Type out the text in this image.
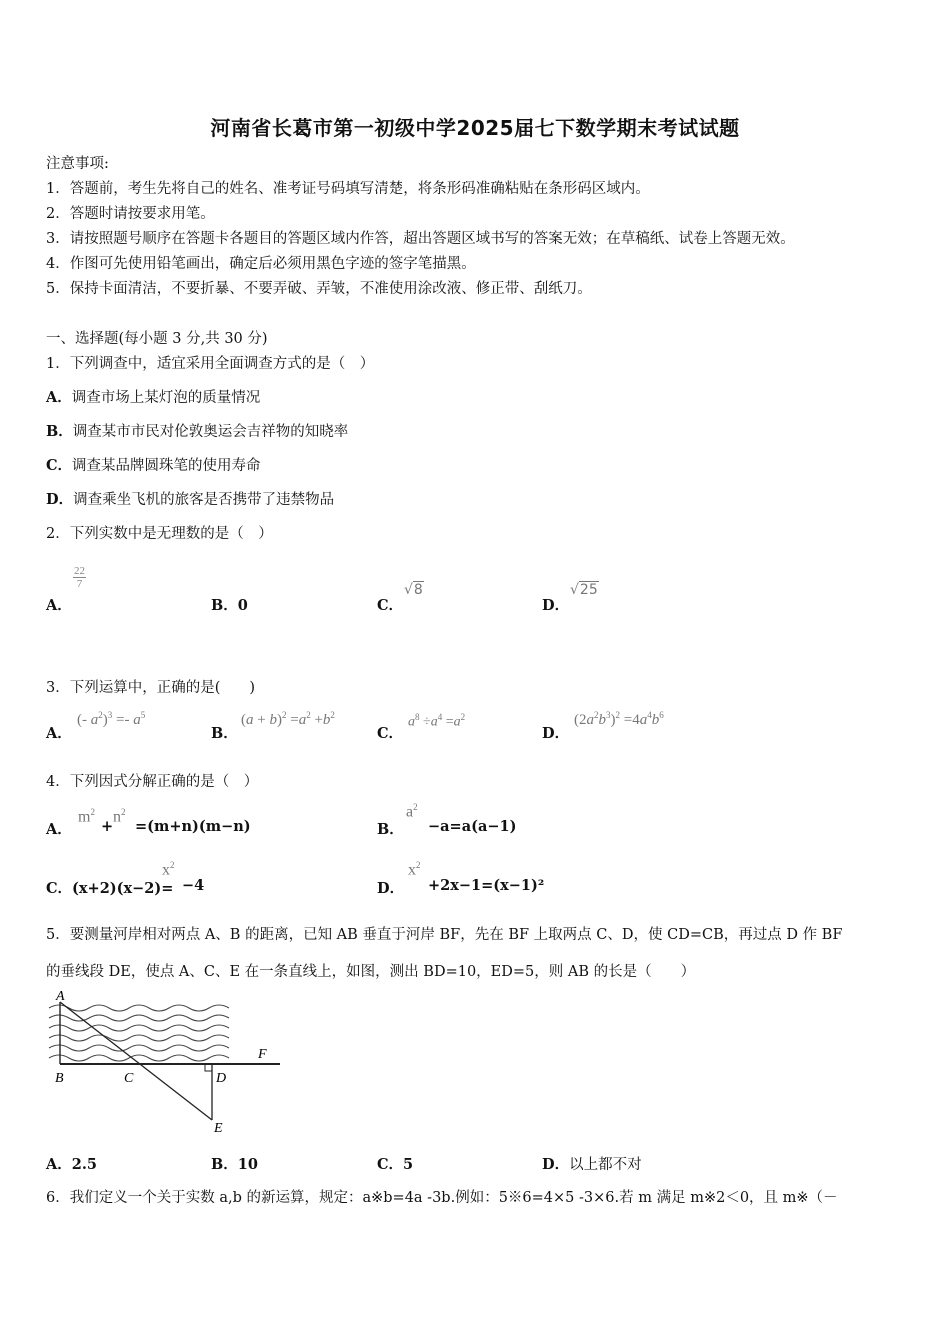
河南省长葛市第一初级中学2025届七下数学期末考试试题
注意事项:
1．答题前，考生先将自己的姓名、准考证号码填写清楚，将条形码准确粘贴在条形码区域内。
2．答题时请按要求用笔。
3．请按照题号顺序在答题卡各题目的答题区域内作答，超出答题区域书写的答案无效；在草稿纸、试卷上答题无效。
4．作图可先使用铅笔画出，确定后必须用黑色字迹的签字笔描黑。
5．保持卡面清洁，不要折暴、不要弄破、弄皱，不准使用涂改液、修正带、刮纸刀。
一、选择题(每小题 3 分,共 30 分)
1．下列调查中，适宜采用全面调查方式的是（　）
A．调查市场上某灯泡的质量情况
B．调查某市市民对伦敦奥运会吉祥物的知晓率
C．调查某品牌圆珠笔的使用寿命
D．调查乘坐飞机的旅客是否携带了违禁物品
2．下列实数中是无理数的是（　）
A．
$\frac{22}{7}$
B．0	C．
√8
D．
√25
3．下列运算中，正确的是(　　)
A．
(- $a^2)^3 =- a^5$
B．
$(a + b)^2 =a^2 +b^2$
C．
$a^8 \div a^4 =a^2$
D．
$(2a^2b^3)^2 =4a^4b^6$
4．下列因式分解正确的是（　）
A．
$m^2$
+
$n^2$
=(m+n)(m−n)	B．
$a^2$
−a=a(a−1)
C．(x+2)(x−2)=
$x^2$
−4	D．
$x^2$
+2x−1=(x−1)²
5．要测量河岸相对两点 A、B 的距离，已知 AB 垂直于河岸 BF，先在 BF 上取两点 C、D，使 CD=CB，再过点 D 作 BF
的垂线段 DE，使点 A、C、E 在一条直线上，如图，测出 BD=10，ED=5，则 AB 的长是（　　）
A
B	C	D
E
F
A．2.5	B．10	C．5	D．以上都不对
6．我们定义一个关于实数 a,b 的新运算，规定：a※b=4a -3b.例如：5※6=4×5 -3×6.若 m 满足 m※2＜0，且 m※（－
